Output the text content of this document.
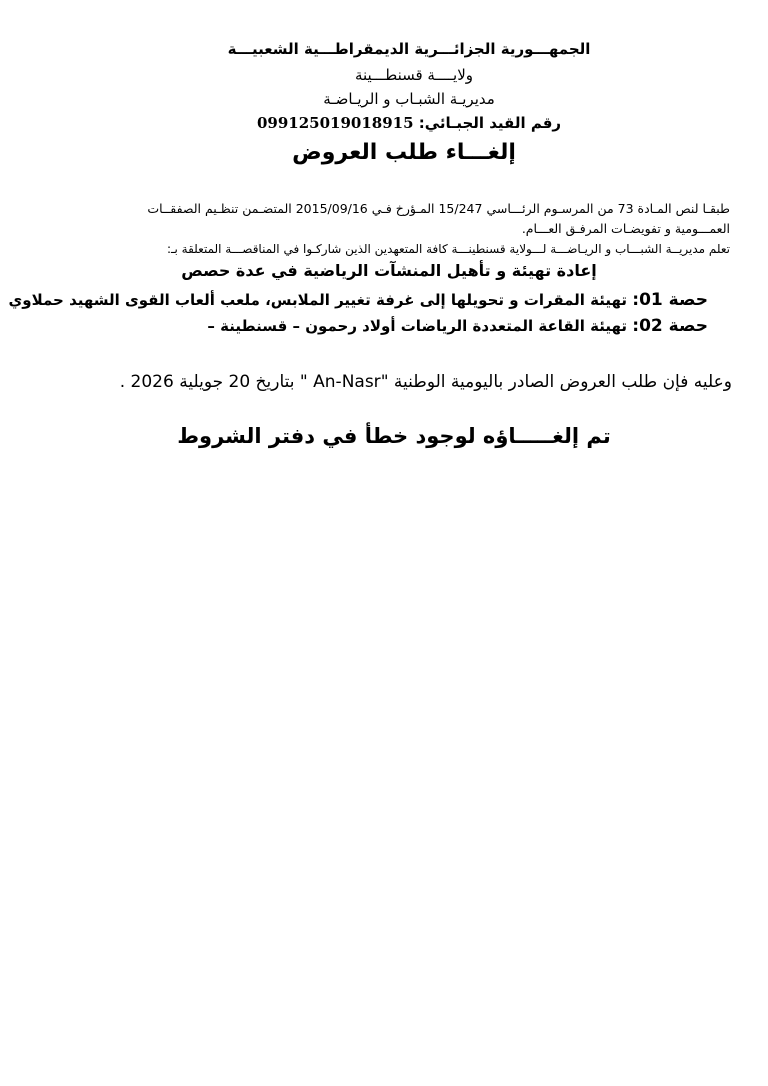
الجمهـــورية الجزائـــرية الديمقراطـــية الشعبيـــة
ولايــــة قسنطـــينة
مديريـة الشبـاب و الريـاضـة
رقم القيد الجبـائي: 099125019018915
إلغـــاء طلب العروض
طبقـا لنص المـادة 73 من المرسـوم الرئـــاسي 15/247 المـؤرخ فـي 2015/09/16 المتضـمن تنظـيم الصفقــات
العمـــومية و تفويضـات المرفـق العـــام.
تعلم مديريــة الشبـــاب و الريـاضـــة لـــولاية قسنطينـــة كافة المتعهدين الذين شاركـوا في المناقصـــة المتعلقة بـ:
إعادة تهيئة و تأهيل المنشآت الرياضية في عدة حصص
حصة 01: تهيئة المقرات و تحويلها إلى غرفة تغيير الملابس، ملعب ألعاب القوى الشهيد حملاوي
حصة 02: تهيئة القاعة المتعددة الرياضات أولاد رحمون – قسنطينة –
وعليه فإن طلب العروض الصادر باليومية الوطنية "An-Nasr " بتاريخ 20 جويلية 2026 .
تم إلغـــــاؤه لوجود خطأ في دفتر الشروط
